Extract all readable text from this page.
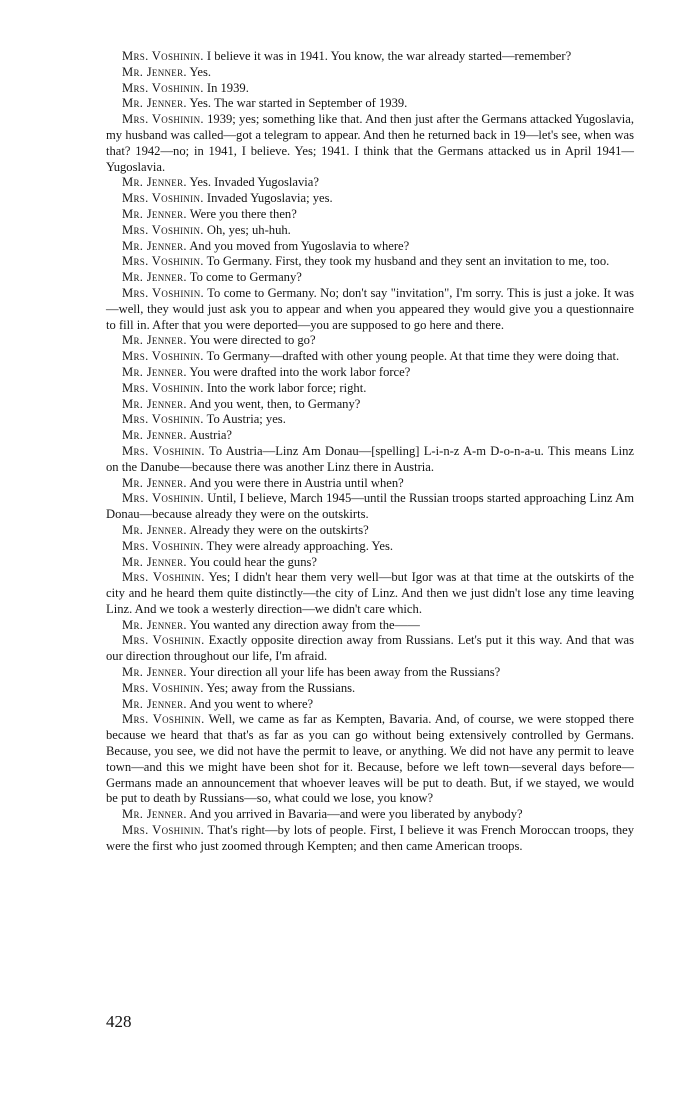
Mrs. Voshinin. I believe it was in 1941. You know, the war already started—remember?

Mr. Jenner. Yes.

Mrs. Voshinin. In 1939.

Mr. Jenner. Yes. The war started in September of 1939.

Mrs. Voshinin. 1939; yes; something like that. And then just after the Germans attacked Yugoslavia, my husband was called—got a telegram to appear. And then he returned back in 19—let's see, when was that? 1942—no; in 1941, I believe. Yes; 1941. I think that the Germans attacked us in April 1941—Yugoslavia.

Mr. Jenner. Yes. Invaded Yugoslavia?

Mrs. Voshinin. Invaded Yugoslavia; yes.

Mr. Jenner. Were you there then?

Mrs. Voshinin. Oh, yes; uh-huh.

Mr. Jenner. And you moved from Yugoslavia to where?

Mrs. Voshinin. To Germany. First, they took my husband and they sent an invitation to me, too.

Mr. Jenner. To come to Germany?

Mrs. Voshinin. To come to Germany. No; don't say "invitation", I'm sorry. This is just a joke. It was—well, they would just ask you to appear and when you appeared they would give you a questionnaire to fill in. After that you were deported—you are supposed to go here and there.

Mr. Jenner. You were directed to go?

Mrs. Voshinin. To Germany—drafted with other young people. At that time they were doing that.

Mr. Jenner. You were drafted into the work labor force?

Mrs. Voshinin. Into the work labor force; right.

Mr. Jenner. And you went, then, to Germany?

Mrs. Voshinin. To Austria; yes.

Mr. Jenner. Austria?

Mrs. Voshinin. To Austria—Linz Am Donau—[spelling] L-i-n-z A-m D-o-n-a-u. This means Linz on the Danube—because there was another Linz there in Austria.

Mr. Jenner. And you were there in Austria until when?

Mrs. Voshinin. Until, I believe, March 1945—until the Russian troops started approaching Linz Am Donau—because already they were on the outskirts.

Mr. Jenner. Already they were on the outskirts?

Mrs. Voshinin. They were already approaching. Yes.

Mr. Jenner. You could hear the guns?

Mrs. Voshinin. Yes; I didn't hear them very well—but Igor was at that time at the outskirts of the city and he heard them quite distinctly—the city of Linz. And then we just didn't lose any time leaving Linz. And we took a westerly direction—we didn't care which.

Mr. Jenner. You wanted any direction away from the——

Mrs. Voshinin. Exactly opposite direction away from Russians. Let's put it this way. And that was our direction throughout our life, I'm afraid.

Mr. Jenner. Your direction all your life has been away from the Russians?

Mrs. Voshinin. Yes; away from the Russians.

Mr. Jenner. And you went to where?

Mrs. Voshinin. Well, we came as far as Kempten, Bavaria. And, of course, we were stopped there because we heard that that's as far as you can go without being extensively controlled by Germans. Because, you see, we did not have the permit to leave, or anything. We did not have any permit to leave town—and this we might have been shot for it. Because, before we left town—several days before—Germans made an announcement that whoever leaves will be put to death. But, if we stayed, we would be put to death by Russians—so, what could we lose, you know?

Mr. Jenner. And you arrived in Bavaria—and were you liberated by anybody?

Mrs. Voshinin. That's right—by lots of people. First, I believe it was French Moroccan troops, they were the first who just zoomed through Kempten; and then came American troops.

428
